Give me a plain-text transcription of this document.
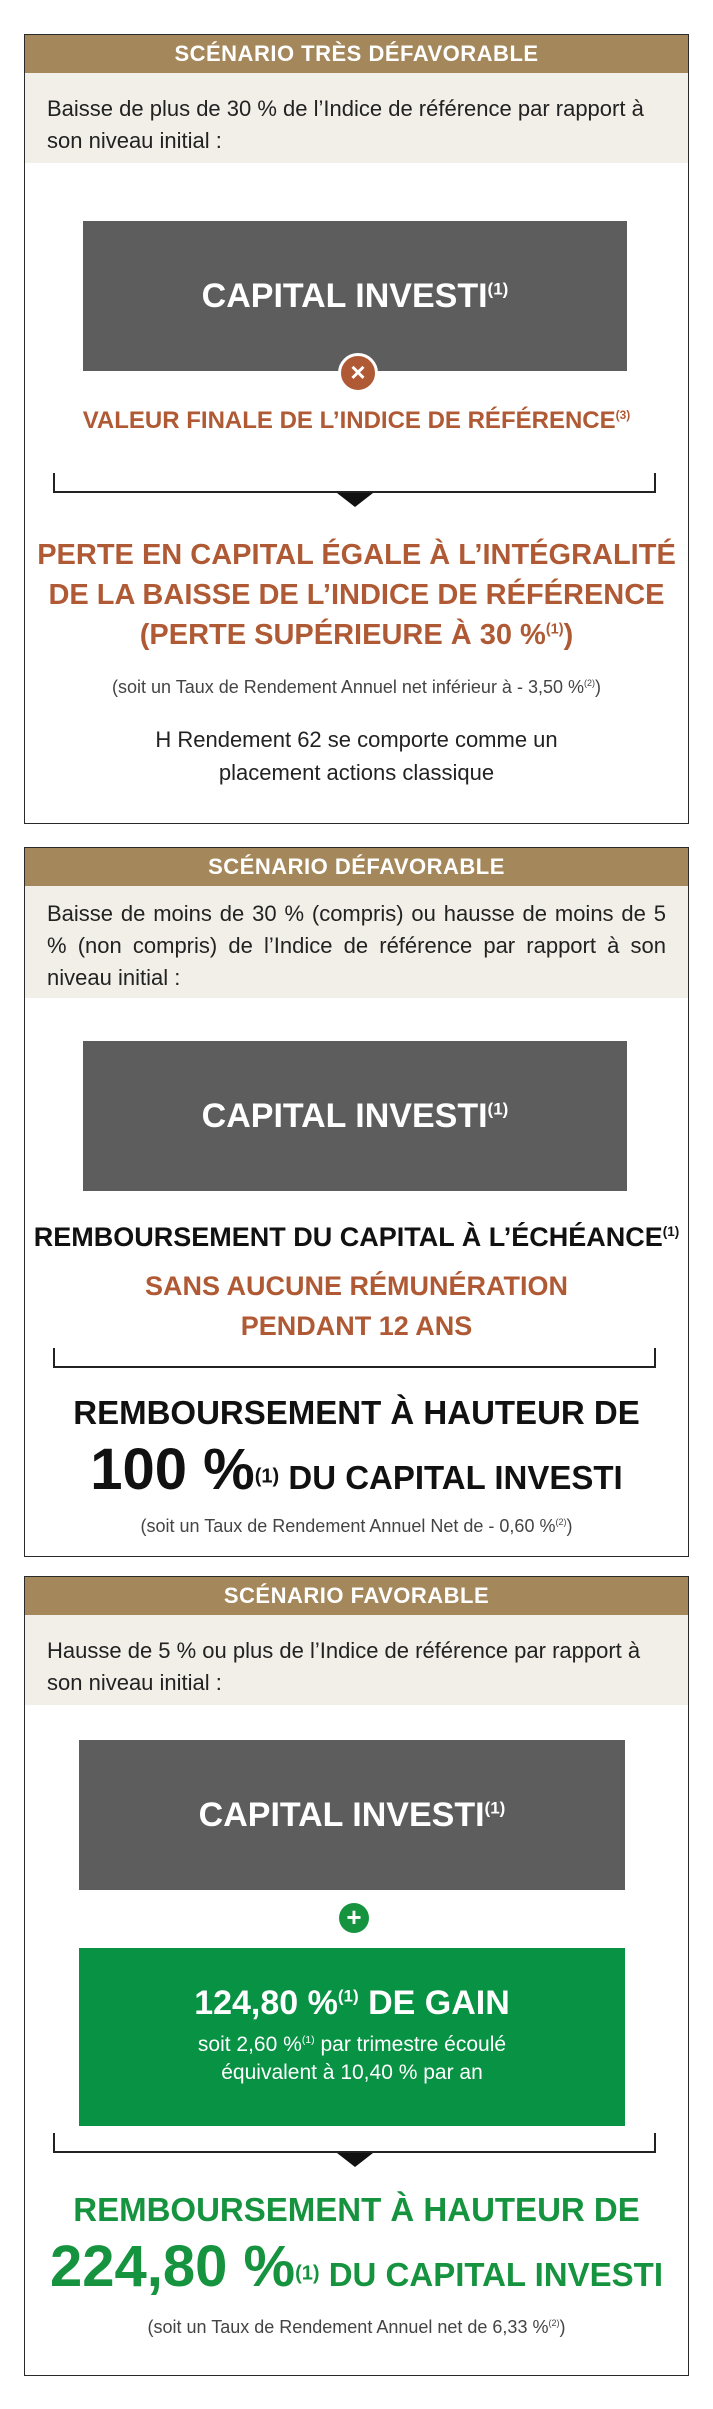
SCÉNARIO TRÈS DÉFAVORABLE
Baisse de plus de 30 % de l’Indice de référence par rapport à son niveau initial :
CAPITAL $INVESTI^{(1)}$
×
VALEUR FINALE DE L’INDICE DE RÉFÉRENCE$^{(3)}$
PERTE EN CAPITAL ÉGALE À L’INTÉGRALITÉ
DE LA BAISSE DE L’INDICE DE RÉFÉRENCE
(PERTE SUPÉRIEURE À 30 %$^{(1)}$)
(soit un Taux de Rendement Annuel net inférieur à - 3,50 %$^{(2)}$)
H Rendement 62 se comporte comme un
placement actions classique
SCÉNARIO DÉFAVORABLE
Baisse de moins de 30 % (compris) ou hausse de moins de 5 % (non compris) de l’Indice de référence par rapport à son niveau initial :
CAPITAL INVESTI$^{(1)}$
REMBOURSEMENT DU CAPITAL À L’ÉCHÉANCE$^{(1)}$
SANS AUCUNE RÉMUNÉRATION
PENDANT 12 ANS
REMBOURSEMENT À HAUTEUR DE
100 %$^{(1)}$ DU CAPITAL INVESTI
(soit un Taux de Rendement Annuel Net de - 0,60 %$^{(2)}$)
SCÉNARIO FAVORABLE
Hausse de 5 % ou plus de l’Indice de référence par rapport à son niveau initial :
CAPITAL $INVESTI^{(1)}$
+
124,80 %$^{(1)}$ DE GAIN
soit 2,60 %$^{(1)}$ par trimestre écoulé
équivalent à 10,40 % par an
REMBOURSEMENT À HAUTEUR DE
224,80 %$^{(1)}$ DU CAPITAL INVESTI
(soit un Taux de Rendement Annuel net de 6,33 %$^{(2)}$)
